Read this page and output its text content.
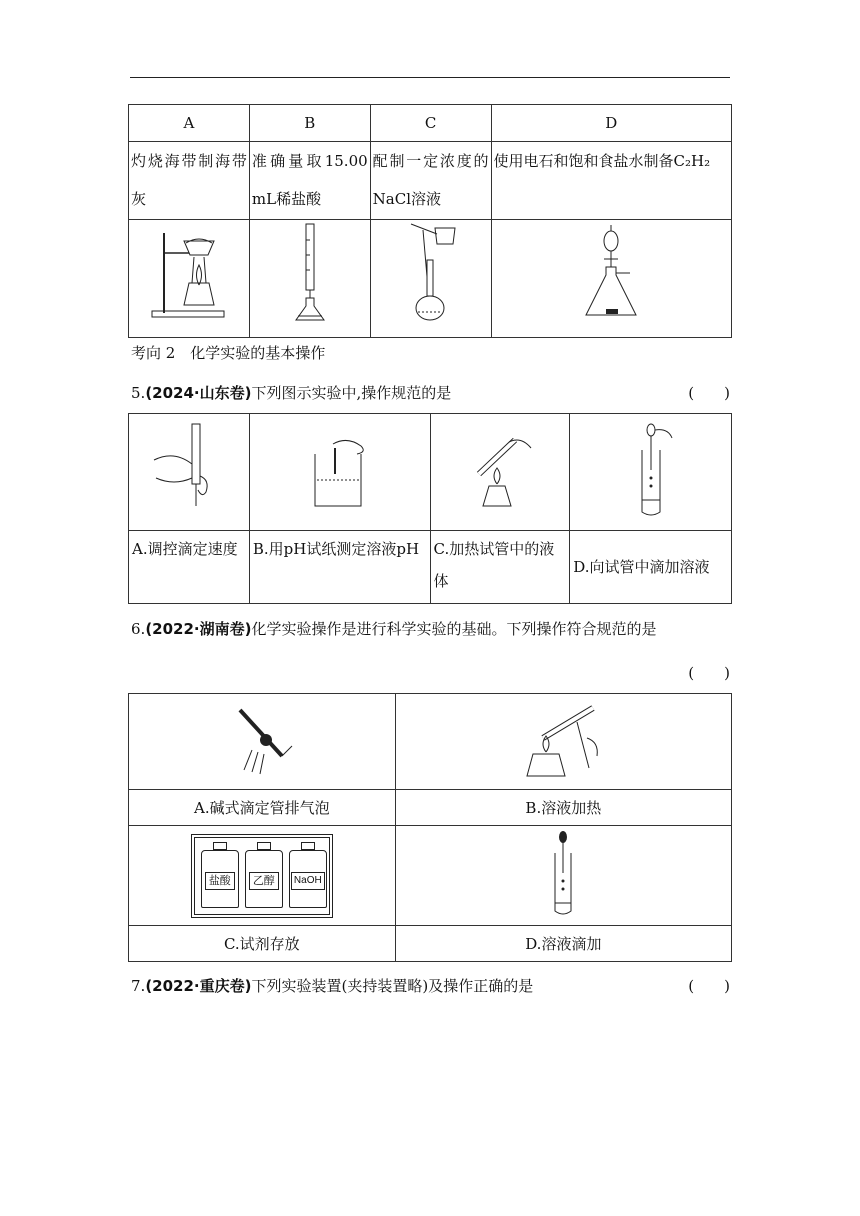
A	B	C	D
灼烧海带制海带灰	准确量取15.00 mL稀盐酸	配制一定浓度的NaCl溶液	使用电石和饱和食盐水制备C₂H₂

考向 2　化学实验的基本操作
5.(2024·山东卷)下列图示实验中,操作规范的是	(　　)

A.调控滴定速度	B.用pH试纸测定溶液pH	C.加热试管中的液体	D.向试管中滴加溶液
6.(2022·湖南卷)化学实验操作是进行科学实验的基础。下列操作符合规范的是
(　　)

A.碱式滴定管排气泡	B.溶液加热

盐酸 乙醇 NaOH

C.试剂存放	D.溶液滴加
7.(2022·重庆卷)下列实验装置(夹持装置略)及操作正确的是	(　　)
